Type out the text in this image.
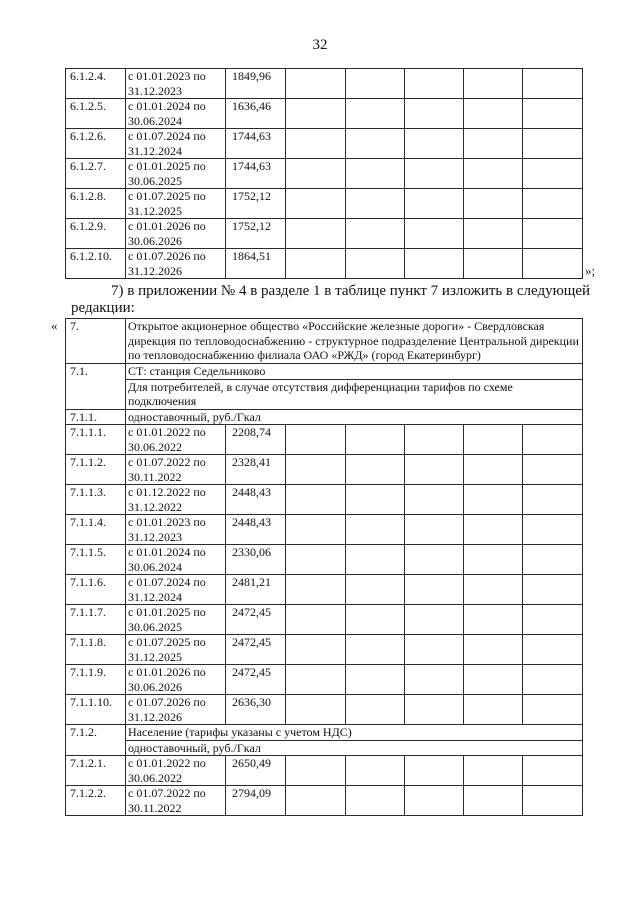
32
6.1.2.4.	с 01.01.2023 по
31.12.2023	1849,96					
6.1.2.5.	с 01.01.2024 по
30.06.2024	1636,46					
6.1.2.6.	с 01.07.2024 по
31.12.2024	1744,63					
6.1.2.7.	с 01.01.2025 по
30.06.2025	1744,63					
6.1.2.8.	с 01.07.2025 по
31.12.2025	1752,12					
6.1.2.9.	с 01.01.2026 по
30.06.2026	1752,12					
6.1.2.10.	с 01.07.2026 по
31.12.2026	1864,51					
»;
7) в приложении № 4 в разделе 1 в таблице пункт 7 изложить в следующей редакции:
« 7.	Открытое акционерное общество «Российские железные дороги» - Свердловская дирекция по тепловодоснабжению - структурное подразделение Центральной дирекции по тепловодоснабжению филиала ОАО «РЖД» (город Екатеринбург)						
7.1.	СТ: станция Седельниково						
	Для потребителей, в случае отсутствия дифференциации тарифов по схеме подключения						
7.1.1.	одноставочный, руб./Гкал						
7.1.1.1.	с 01.01.2022 по
30.06.2022	2208,74					
7.1.1.2.	с 01.07.2022 по
30.11.2022	2328,41					
7.1.1.3.	с 01.12.2022 по
31.12.2022	2448,43					
7.1.1.4.	с 01.01.2023 по
31.12.2023	2448,43					
7.1.1.5.	с 01.01.2024 по
30.06.2024	2330,06					
7.1.1.6.	с 01.07.2024 по
31.12.2024	2481,21					
7.1.1.7.	с 01.01.2025 по
30.06.2025	2472,45					
7.1.1.8.	с 01.07.2025 по
31.12.2025	2472,45					
7.1.1.9.	с 01.01.2026 по
30.06.2026	2472,45					
7.1.1.10.	с 01.07.2026 по
31.12.2026	2636,30					
7.1.2.	Население (тарифы указаны с учетом НДС)						
	одноставочный, руб./Гкал						
7.1.2.1.	с 01.01.2022 по
30.06.2022	2650,49					
7.1.2.2.	с 01.07.2022 по
30.11.2022	2794,09					
